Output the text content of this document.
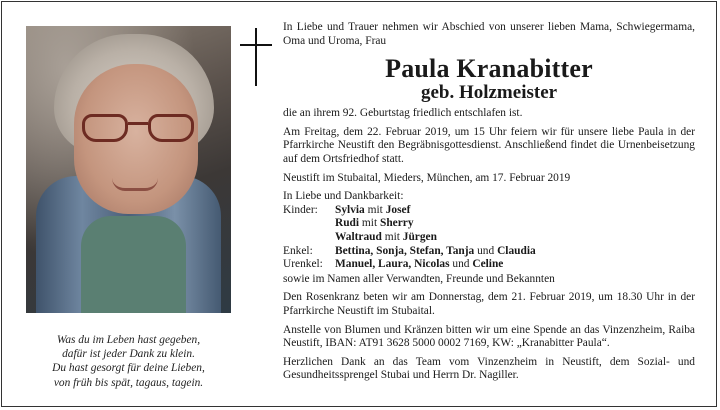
Was du im Leben hast gegeben,
dafür ist jeder Dank zu klein.
Du hast gesorgt für deine Lieben,
von früh bis spät, tagaus, tagein.
In Liebe und Trauer nehmen wir Abschied von unserer lieben Mama, Schwiegermama, Oma und Uroma, Frau
Paula Kranabitter
geb. Holzmeister
die an ihrem 92. Geburtstag friedlich entschlafen ist.
Am Freitag, dem 22. Februar 2019, um 15 Uhr feiern wir für unsere liebe Paula in der Pfarrkirche Neustift den Begräbnisgottesdienst. Anschließend findet die Urnenbeisetzung auf dem Ortsfriedhof statt.
Neustift im Stubaital, Mieders, München, am 17. Februar 2019
In Liebe und Dankbarkeit:
Kinder:	Sylvia mit Josef
Rudi mit Sherry
Waltraud mit Jürgen
Enkel:	Bettina, Sonja, Stefan, Tanja und Claudia
Urenkel:	Manuel, Laura, Nicolas und Celine
sowie im Namen aller Verwandten, Freunde und Bekannten
Den Rosenkranz beten wir am Donnerstag, dem 21. Februar 2019, um 18.30 Uhr in der Pfarrkirche Neustift im Stubaital.
Anstelle von Blumen und Kränzen bitten wir um eine Spende an das Vinzenzheim, Raiba Neustift, IBAN: AT91 3628 5000 0002 7169, KW: „Kranabitter Paula“.
Herzlichen Dank an das Team vom Vinzenzheim in Neustift, dem Sozial- und Gesundheitssprengel Stubai und Herrn Dr. Nagiller.
